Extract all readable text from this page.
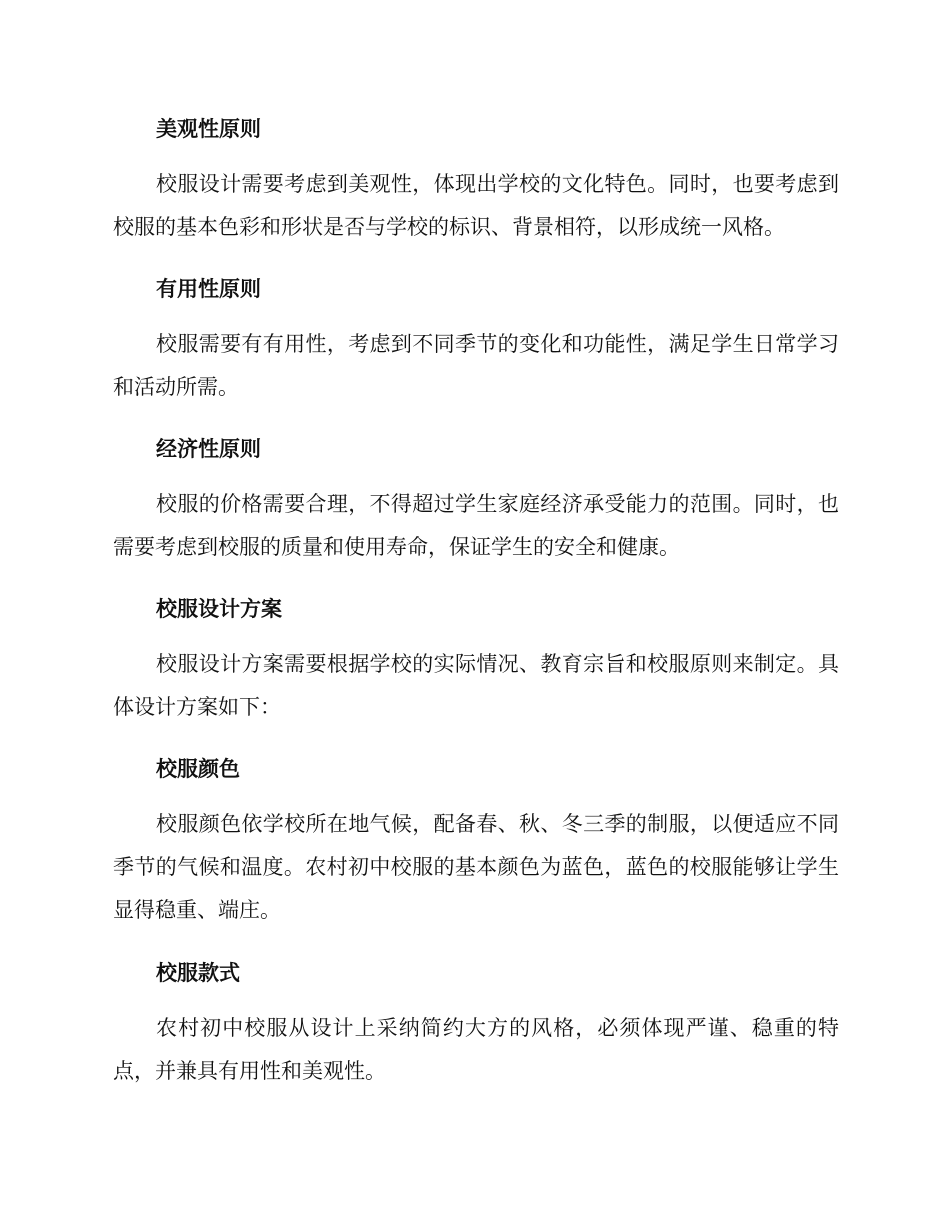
美观性原则

校服设计需要考虑到美观性，体现出学校的文化特色。同时，也要考虑到校服的基本色彩和形状是否与学校的标识、背景相符，以形成统一风格。

有用性原则

校服需要有有用性，考虑到不同季节的变化和功能性，满足学生日常学习和活动所需。

经济性原则

校服的价格需要合理，不得超过学生家庭经济承受能力的范围。同时，也需要考虑到校服的质量和使用寿命，保证学生的安全和健康。

校服设计方案

校服设计方案需要根据学校的实际情况、教育宗旨和校服原则来制定。具体设计方案如下：

校服颜色

校服颜色依学校所在地气候，配备春、秋、冬三季的制服，以便适应不同季节的气候和温度。农村初中校服的基本颜色为蓝色，蓝色的校服能够让学生显得稳重、端庄。

校服款式

农村初中校服从设计上采纳简约大方的风格，必须体现严谨、稳重的特点，并兼具有用性和美观性。
